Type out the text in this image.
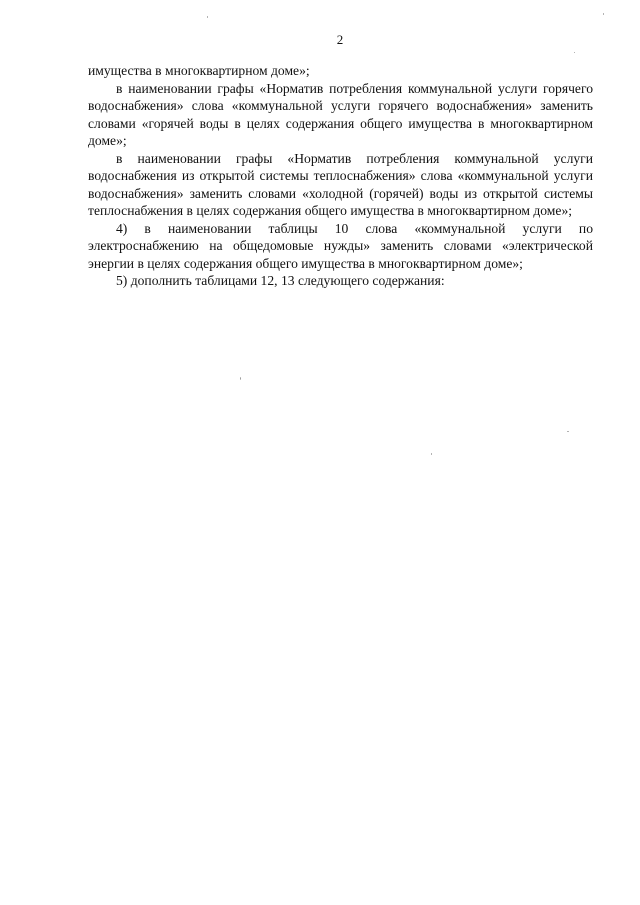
2

имущества в многоквартирном доме»;

в наименовании графы «Норматив потребления коммунальной услуги горячего водоснабжения» слова «коммунальной услуги горячего водоснабжения» заменить словами «горячей воды в целях содержания общего имущества в многоквартирном доме»;

в наименовании графы «Норматив потребления коммунальной услуги водоснабжения из открытой системы теплоснабжения» слова «коммунальной услуги водоснабжения» заменить словами «холодной (горячей) воды из открытой системы теплоснабжения в целях содержания общего имущества в многоквартирном доме»;

4) в наименовании таблицы 10 слова «коммунальной услуги по электроснабжению на общедомовые нужды» заменить словами «электрической энергии в целях содержания общего имущества в многоквартирном доме»;

5) дополнить таблицами 12, 13 следующего содержания:
